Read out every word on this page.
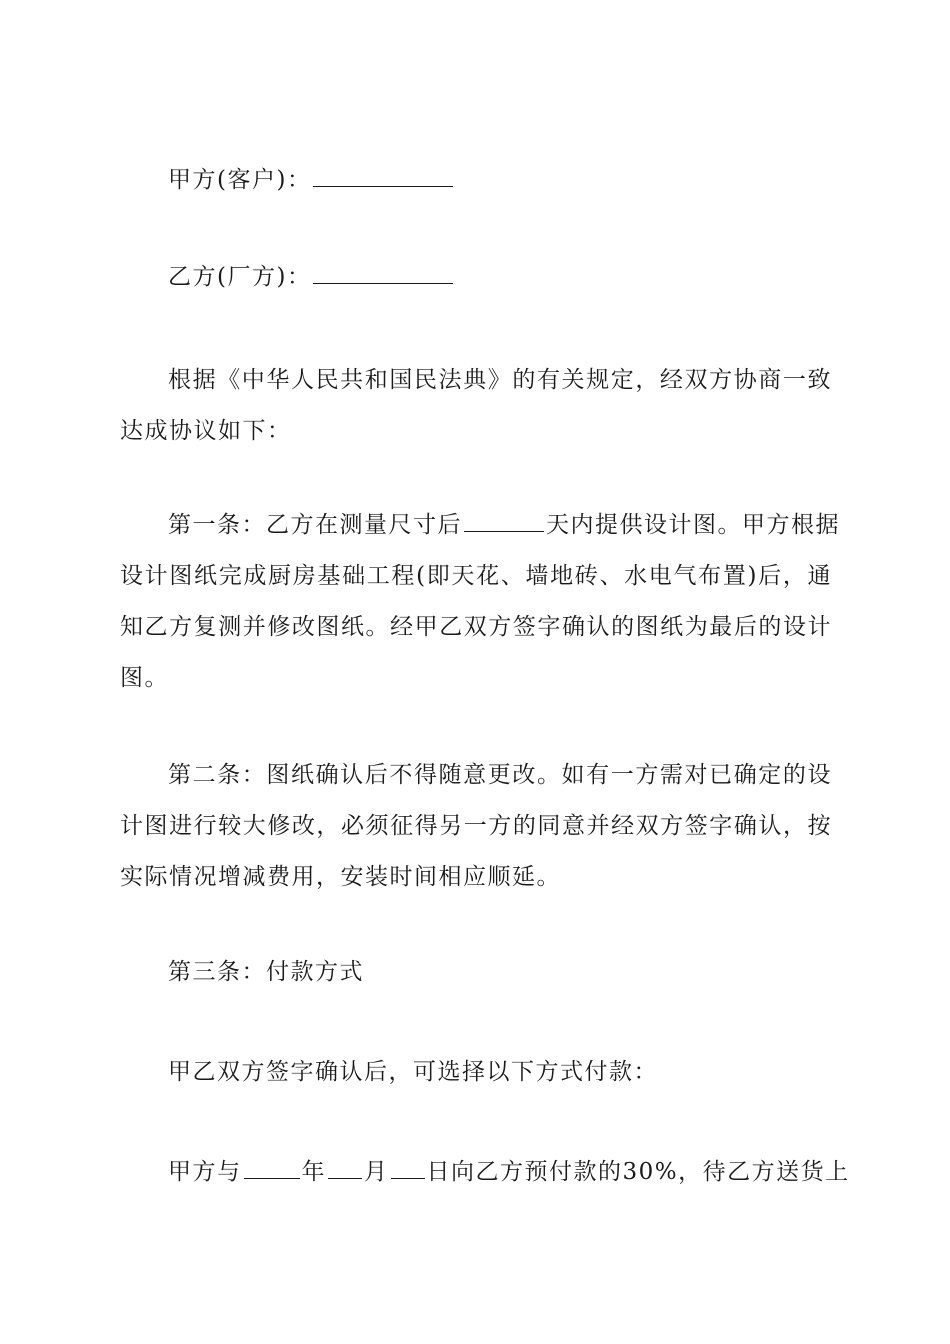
甲方(客户)：

乙方(厂方)：

根据《中华人民共和国民法典》的有关规定，经双方协商一致
达成协议如下：
第一条：乙方在测量尺寸后	天内提供设计图。甲方根据
设计图纸完成厨房基础工程(即天花、墙地砖、水电气布置)后，通
知乙方复测并修改图纸。经甲乙双方签字确认的图纸为最后的设计
图。
第二条：图纸确认后不得随意更改。如有一方需对已确定的设
计图进行较大修改，必须征得另一方的同意并经双方签字确认，按
实际情况增减费用，安装时间相应顺延。

第三条：付款方式

甲乙双方签字确认后，可选择以下方式付款：

甲方与	年 月 日向乙方预付款的30%，待乙方送货上
